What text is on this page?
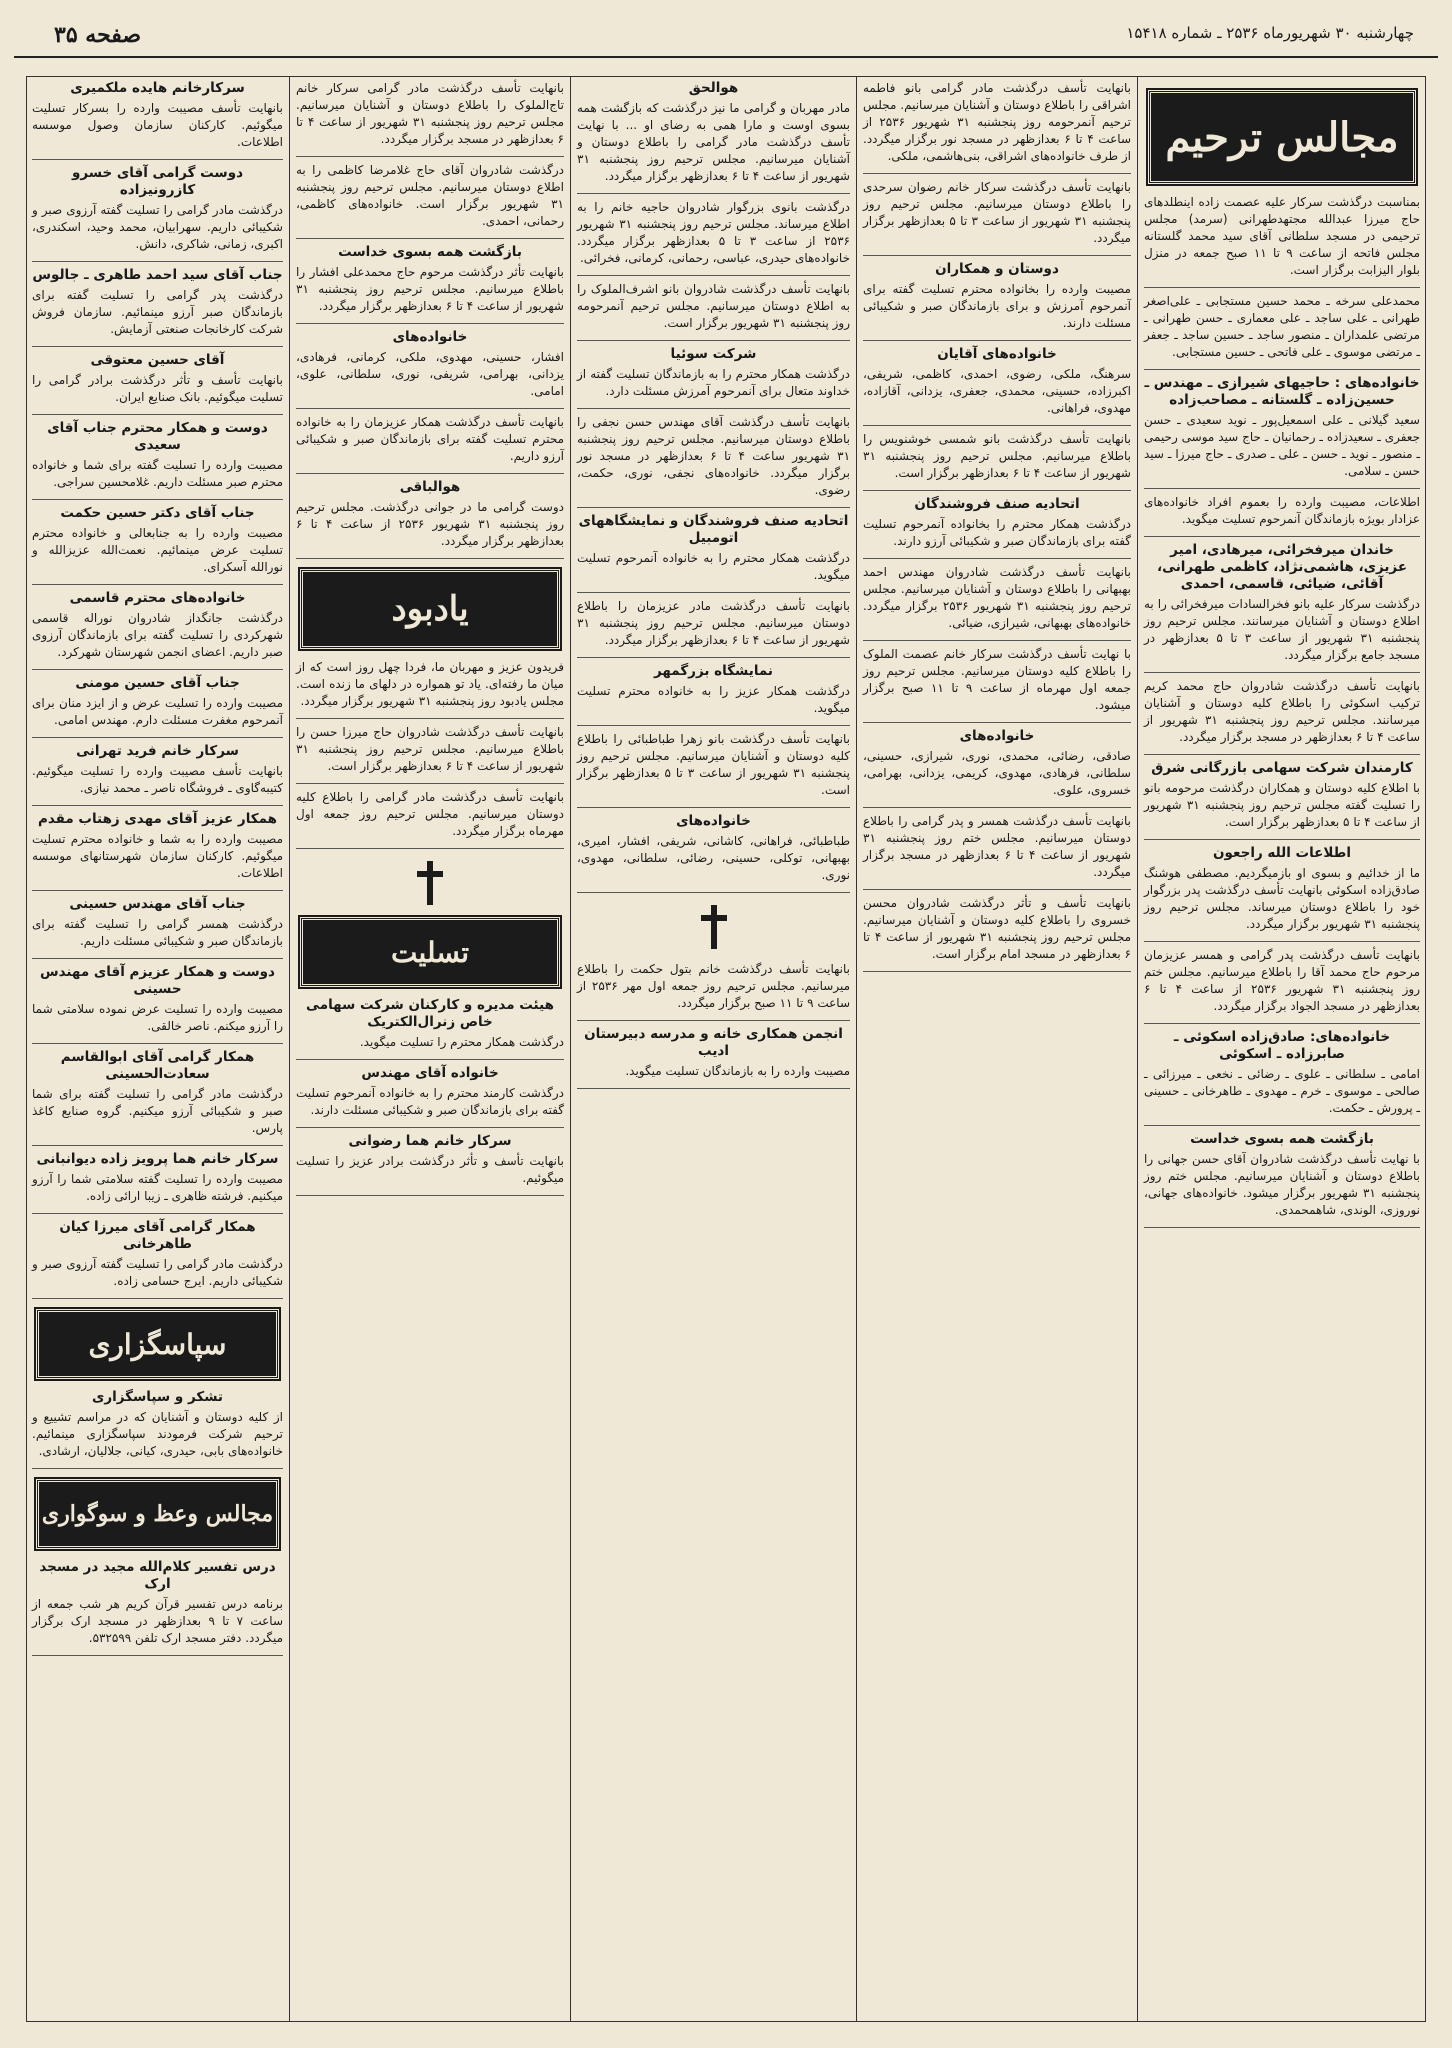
صفحه ۳۵	چهارشنبه ۳۰ شهریورماه ۲۵۳۶ ـ شماره ۱۵۴۱۸
مجالس ترحیم

بمناسبت درگذشت سرکار علیه عصمت زاده اینطلدهای حاج میرزا عبدالله مجتهدطهرانی (سرمد) مجلس ترحیمی در مسجد سلطانی آقای سید محمد گلستانه مجلس فاتحه از ساعت ۹ تا ۱۱ صبح جمعه در منزل بلوار الیزابت برگزار است.

محمدعلی سرخه ـ محمد حسین مستجابی ـ علی‌اصغر طهرانی ـ علی ساجد ـ علی معماری ـ حسن طهرانی ـ مرتضی علمداران ـ منصور ساجد ـ حسین ساجد ـ جعفر ـ مرتضی موسوی ـ علی فاتحی ـ حسین مستجابی.

خانواده‌های : حاجیهای شیرازی ـ مهندس ـ حسین‌زاده ـ گلستانه ـ مصاحب‌زاده

سعید گیلانی ـ علی اسمعیل‌پور ـ نوید سعیدی ـ حسن جعفری ـ سعیدزاده ـ رحمانیان ـ حاج سید موسی رحیمی ـ منصور ـ نوید ـ حسن ـ علی ـ صدری ـ حاج میرزا ـ سید حسن ـ سلامی.

اطلاعات، مصیبت وارده را بعموم افراد خانواده‌های عزادار بویژه بازماندگان آنمرحوم تسلیت میگوید.

خاندان میرفخرائی، میرهادی، امیر عزیزی، هاشمی‌نژاد، کاظمی طهرانی، آقائی، ضیائی، قاسمی، احمدی

درگذشت سرکار علیه بانو فخرالسادات میرفخرائی را به اطلاع دوستان و آشنایان میرسانند. مجلس ترحیم روز پنجشنبه ۳۱ شهریور از ساعت ۳ تا ۵ بعدازظهر در مسجد جامع برگزار میگردد.

بانهایت تأسف درگذشت شادروان حاج محمد کریم ترکیب اسکوئی را باطلاع کلیه دوستان و آشنایان میرسانند. مجلس ترحیم روز پنجشنبه ۳۱ شهریور از ساعت ۴ تا ۶ بعدازظهر در مسجد برگزار میگردد.

کارمندان شرکت سهامی بازرگانی شرق

با اطلاع کلیه دوستان و همکاران درگذشت مرحومه بانو را تسلیت گفته مجلس ترحیم روز پنجشنبه ۳۱ شهریور از ساعت ۴ تا ۵ بعدازظهر برگزار است.

اطلاعات الله راجعون

ما از خدائیم و بسوی او بازمیگردیم. مصطفی هوشنگ صادق‌زاده اسکوئی بانهایت تأسف درگذشت پدر بزرگوار خود را باطلاع دوستان میرساند. مجلس ترحیم روز پنجشنبه ۳۱ شهریور برگزار میگردد.

بانهایت تأسف درگذشت پدر گرامی و همسر عزیزمان مرحوم حاج محمد آقا را باطلاع میرسانیم. مجلس ختم روز پنجشنبه ۳۱ شهریور ۲۵۳۶ از ساعت ۴ تا ۶ بعدازظهر در مسجد الجواد برگزار میگردد.

خانواده‌های: صادق‌زاده اسکوئی ـ صابرزاده ـ اسکوئی

امامی ـ سلطانی ـ علوی ـ رضائی ـ نخعی ـ میرزائی ـ صالحی ـ موسوی ـ خرم ـ مهدوی ـ طاهرخانی ـ حسینی ـ پرورش ـ حکمت.

بازگشت همه بسوی خداست

با نهایت تأسف درگذشت شادروان آقای حسن جهانی را باطلاع دوستان و آشنایان میرسانیم. مجلس ختم روز پنجشنبه ۳۱ شهریور برگزار میشود. خانواده‌های جهانی، نوروزی، الوندی، شاهمحمدی.

بانهایت تأسف درگذشت مادر گرامی بانو فاطمه اشراقی را باطلاع دوستان و آشنایان میرسانیم. مجلس ترحیم آنمرحومه روز پنجشنبه ۳۱ شهریور ۲۵۳۶ از ساعت ۴ تا ۶ بعدازظهر در مسجد نور برگزار میگردد. از طرف خانواده‌های اشراقی، بنی‌هاشمی، ملکی.

بانهایت تأسف درگذشت سرکار خانم رضوان سرحدی را باطلاع دوستان میرسانیم. مجلس ترحیم روز پنجشنبه ۳۱ شهریور از ساعت ۳ تا ۵ بعدازظهر برگزار میگردد.

دوستان و همکاران

مصیبت وارده را بخانواده محترم تسلیت گفته برای آنمرحوم آمرزش و برای بازماندگان صبر و شکیبائی مسئلت دارند.

خانواده‌های آقایان

سرهنگ، ملکی، رضوی، احمدی، کاظمی، شریفی، اکبرزاده، حسینی، محمدی، جعفری، یزدانی، آقازاده، مهدوی، فراهانی.

بانهایت تأسف درگذشت بانو شمسی خوشنویس را باطلاع میرسانیم. مجلس ترحیم روز پنجشنبه ۳۱ شهریور از ساعت ۴ تا ۶ بعدازظهر برگزار است.

اتحادیه صنف فروشندگان

درگذشت همکار محترم را بخانواده آنمرحوم تسلیت گفته برای بازماندگان صبر و شکیبائی آرزو دارند.

بانهایت تأسف درگذشت شادروان مهندس احمد بهبهانی را باطلاع دوستان و آشنایان میرسانیم. مجلس ترحیم روز پنجشنبه ۳۱ شهریور ۲۵۳۶ برگزار میگردد. خانواده‌های بهبهانی، شیرازی، ضیائی.

با نهایت تأسف درگذشت سرکار خانم عصمت الملوک را باطلاع کلیه دوستان میرسانیم. مجلس ترحیم روز جمعه اول مهرماه از ساعت ۹ تا ۱۱ صبح برگزار میشود.

خانواده‌های

صادقی، رضائی، محمدی، نوری، شیرازی، حسینی، سلطانی، فرهادی، مهدوی، کریمی، یزدانی، بهرامی، خسروی، علوی.

بانهایت تأسف درگذشت همسر و پدر گرامی را باطلاع دوستان میرسانیم. مجلس ختم روز پنجشنبه ۳۱ شهریور از ساعت ۴ تا ۶ بعدازظهر در مسجد برگزار میگردد.

بانهایت تأسف و تأثر درگذشت شادروان محسن خسروی را باطلاع کلیه دوستان و آشنایان میرسانیم. مجلس ترحیم روز پنجشنبه ۳۱ شهریور از ساعت ۴ تا ۶ بعدازظهر در مسجد امام برگزار است.

هوالحق

مادر مهربان و گرامی ما نیز درگذشت که بازگشت همه بسوی اوست و مارا همی به رضای او ... با نهایت تأسف درگذشت مادر گرامی را باطلاع دوستان و آشنایان میرسانیم. مجلس ترحیم روز پنجشنبه ۳۱ شهریور از ساعت ۴ تا ۶ بعدازظهر برگزار میگردد.

درگذشت بانوی بزرگوار شادروان حاجیه خانم را به اطلاع میرساند. مجلس ترحیم روز پنجشنبه ۳۱ شهریور ۲۵۳۶ از ساعت ۳ تا ۵ بعدازظهر برگزار میگردد. خانواده‌های حیدری، عباسی، رحمانی، کرمانی، فخرائی.

بانهایت تأسف درگذشت شادروان بانو اشرف‌الملوک را به اطلاع دوستان میرسانیم. مجلس ترحیم آنمرحومه روز پنجشنبه ۳۱ شهریور برگزار است.

شرکت سوئیا

درگذشت همکار محترم را به بازماندگان تسلیت گفته از خداوند متعال برای آنمرحوم آمرزش مسئلت دارد.

بانهایت تأسف درگذشت آقای مهندس حسن نجفی را باطلاع دوستان میرسانیم. مجلس ترحیم روز پنجشنبه ۳۱ شهریور ساعت ۴ تا ۶ بعدازظهر در مسجد نور برگزار میگردد. خانواده‌های نجفی، نوری، حکمت، رضوی.

اتحادیه صنف فروشندگان و نمایشگاههای اتومبیل

درگذشت همکار محترم را به خانواده آنمرحوم تسلیت میگوید.

بانهایت تأسف درگذشت مادر عزیزمان را باطلاع دوستان میرسانیم. مجلس ترحیم روز پنجشنبه ۳۱ شهریور از ساعت ۴ تا ۶ بعدازظهر برگزار میگردد.

نمایشگاه بزرگمهر

درگذشت همکار عزیز را به خانواده محترم تسلیت میگوید.

بانهایت تأسف درگذشت بانو زهرا طباطبائی را باطلاع کلیه دوستان و آشنایان میرسانیم. مجلس ترحیم روز پنجشنبه ۳۱ شهریور از ساعت ۳ تا ۵ بعدازظهر برگزار است.

خانواده‌های

طباطبائی، فراهانی، کاشانی، شریفی، افشار، امیری، بهبهانی، توکلی، حسینی، رضائی، سلطانی، مهدوی، نوری.

بانهایت تأسف درگذشت خانم بتول حکمت را باطلاع میرسانیم. مجلس ترحیم روز جمعه اول مهر ۲۵۳۶ از ساعت ۹ تا ۱۱ صبح برگزار میگردد.

انجمن همکاری خانه و مدرسه دبیرستان ادیب

مصیبت وارده را به بازماندگان تسلیت میگوید.

بانهایت تأسف درگذشت مادر گرامی سرکار خانم تاج‌الملوک را باطلاع دوستان و آشنایان میرسانیم. مجلس ترحیم روز پنجشنبه ۳۱ شهریور از ساعت ۴ تا ۶ بعدازظهر در مسجد برگزار میگردد.

درگذشت شادروان آقای حاج غلامرضا کاظمی را به اطلاع دوستان میرسانیم. مجلس ترحیم روز پنجشنبه ۳۱ شهریور برگزار است. خانواده‌های کاظمی، رحمانی، احمدی.

بازگشت همه بسوی خداست

بانهایت تأثر درگذشت مرحوم حاج محمدعلی افشار را باطلاع میرسانیم. مجلس ترحیم روز پنجشنبه ۳۱ شهریور از ساعت ۴ تا ۶ بعدازظهر برگزار میگردد.

خانواده‌های

افشار، حسینی، مهدوی، ملکی، کرمانی، فرهادی، یزدانی، بهرامی، شریفی، نوری، سلطانی، علوی، امامی.

بانهایت تأسف درگذشت همکار عزیزمان را به خانواده محترم تسلیت گفته برای بازماندگان صبر و شکیبائی آرزو داریم.

هوالباقی

دوست گرامی ما در جوانی درگذشت. مجلس ترحیم روز پنجشنبه ۳۱ شهریور ۲۵۳۶ از ساعت ۴ تا ۶ بعدازظهر برگزار میگردد.

یادبود

فریدون عزیز و مهربان ما، فردا چهل روز است که از میان ما رفته‌ای. یاد تو همواره در دلهای ما زنده است. مجلس یادبود روز پنجشنبه ۳۱ شهریور برگزار میگردد.

بانهایت تأسف درگذشت شادروان حاج میرزا حسن را باطلاع میرسانیم. مجلس ترحیم روز پنجشنبه ۳۱ شهریور از ساعت ۴ تا ۶ بعدازظهر برگزار است.

بانهایت تأسف درگذشت مادر گرامی را باطلاع کلیه دوستان میرسانیم. مجلس ترحیم روز جمعه اول مهرماه برگزار میگردد.

تسلیت
هیئت مدیره و کارکنان شرکت سهامی خاص زنرال‌الکتریک

درگذشت همکار محترم را تسلیت میگوید.

خانواده آقای مهندس

درگذشت کارمند محترم را به خانواده آنمرحوم تسلیت گفته برای بازماندگان صبر و شکیبائی مسئلت دارند.

سرکار خانم هما رضوانی

بانهایت تأسف و تأثر درگذشت برادر عزیز را تسلیت میگوئیم.

سرکارخانم هایده ملکمیری

بانهایت تأسف مصیبت وارده را بسرکار تسلیت میگوئیم. کارکنان سازمان وصول موسسه اطلاعات.

دوست گرامی آقای خسرو کازرونیزاده

درگذشت مادر گرامی را تسلیت گفته آرزوی صبر و شکیبائی داریم. سهرابیان، محمد وحید، اسکندری، اکبری، زمانی، شاکری، دانش.

جناب آقای سید احمد طاهری ـ جالوس

درگذشت پدر گرامی را تسلیت گفته برای بازماندگان صبر آرزو مینمائیم. سازمان فروش شرکت کارخانجات صنعتی آزمایش.

آقای حسین معتوقی

بانهایت تأسف و تأثر درگذشت برادر گرامی را تسلیت میگوئیم. بانک صنایع ایران.

دوست و همکار محترم جناب آقای سعیدی

مصیبت وارده را تسلیت گفته برای شما و خانواده محترم صبر مسئلت داریم. غلامحسین سراجی.

جناب آقای دکتر حسین حکمت

مصیبت وارده را به جنابعالی و خانواده محترم تسلیت عرض مینمائیم. نعمت‌الله عزیزالله و نورالله آسکرای.

خانواده‌های محترم قاسمی

درگذشت جانگداز شادروان نوراله قاسمی شهرکردی را تسلیت گفته برای بازماندگان آرزوی صبر داریم. اعضای انجمن شهرستان شهرکرد.

جناب آقای حسین مومنی

مصیبت وارده را تسلیت عرض و از ایزد منان برای آنمرحوم مغفرت مسئلت دارم. مهندس امامی.

سرکار خانم فرید تهرانی

بانهایت تأسف مصیبت وارده را تسلیت میگوئیم. کتیبه‌گاوی ـ فروشگاه ناصر ـ محمد نیازی.

همکار عزیز آقای مهدی زهتاب مقدم

مصیبت وارده را به شما و خانواده محترم تسلیت میگوئیم. کارکنان سازمان شهرستانهای موسسه اطلاعات.

جناب آقای مهندس حسینی

درگذشت همسر گرامی را تسلیت گفته برای بازماندگان صبر و شکیبائی مسئلت داریم.

دوست و همکار عزیزم آقای مهندس حسینی

مصیبت وارده را تسلیت عرض نموده سلامتی شما را آرزو میکنم. ناصر خالقی.

همکار گرامی آقای ابوالقاسم سعادت‌الحسینی

درگذشت مادر گرامی را تسلیت گفته برای شما صبر و شکیبائی آرزو میکنیم. گروه صنایع کاغذ پارس.

سرکار خانم هما پرویز زاده دیوانبانی

مصیبت وارده را تسلیت گفته سلامتی شما را آرزو میکنیم. فرشته ظاهری ـ زیبا ارائی زاده.

همکار گرامی آقای میرزا کیان طاهرخانی

درگذشت مادر گرامی را تسلیت گفته آرزوی صبر و شکیبائی داریم. ایرج حسامی زاده.

سپاسگزاری
تشکر و سپاسگزاری

از کلیه دوستان و آشنایان که در مراسم تشییع و ترحیم شرکت فرمودند سپاسگزاری مینمائیم. خانواده‌های بابی، حیدری، کیانی، جلالیان، ارشادی.

مجالس وعظ و سوگواری
درس تفسیر کلام‌الله مجید در مسجد ارک

برنامه درس تفسیر قرآن کریم هر شب جمعه از ساعت ۷ تا ۹ بعدازظهر در مسجد ارک برگزار میگردد. دفتر مسجد ارک تلفن ۵۳۲۵۹۹.
